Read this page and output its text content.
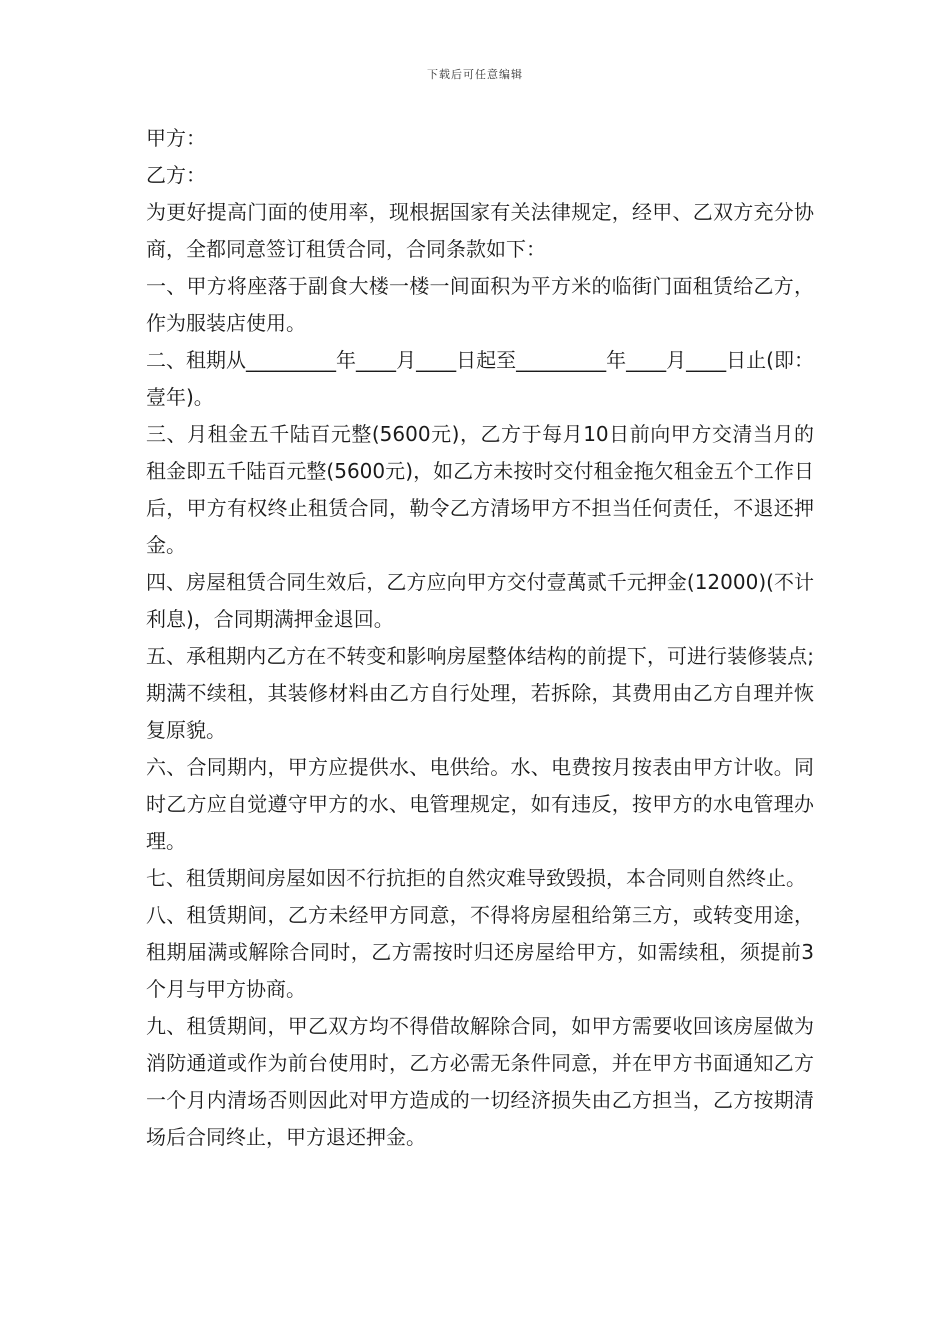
下载后可任意编辑

甲方：

乙方：

为更好提高门面的使用率，现根据国家有关法律规定，经甲、乙双方充分协商，全都同意签订租赁合同，合同条款如下：

一、甲方将座落于副食大楼一楼一间面积为平方米的临街门面租赁给乙方，作为服装店使用。

二、租期从_________年____月____日起至_________年____月____日止(即：壹年)。

三、月租金五千陆百元整(5600元)，乙方于每月10日前向甲方交清当月的租金即五千陆百元整(5600元)，如乙方未按时交付租金拖欠租金五个工作日后，甲方有权终止租赁合同，勒令乙方清场甲方不担当任何责任，不退还押金。

四、房屋租赁合同生效后，乙方应向甲方交付壹萬贰千元押金(12000)(不计利息)，合同期满押金退回。

五、承租期内乙方在不转变和影响房屋整体结构的前提下，可进行装修装点;期满不续租，其装修材料由乙方自行处理，若拆除，其费用由乙方自理并恢复原貌。

六、合同期内，甲方应提供水、电供给。水、电费按月按表由甲方计收。同时乙方应自觉遵守甲方的水、电管理规定，如有违反，按甲方的水电管理办理。

七、租赁期间房屋如因不行抗拒的自然灾难导致毁损，本合同则自然终止。

八、租赁期间，乙方未经甲方同意，不得将房屋租给第三方，或转变用途，租期届满或解除合同时，乙方需按时归还房屋给甲方，如需续租，须提前3个月与甲方协商。

九、租赁期间，甲乙双方均不得借故解除合同，如甲方需要收回该房屋做为消防通道或作为前台使用时，乙方必需无条件同意，并在甲方书面通知乙方一个月内清场否则因此对甲方造成的一切经济损失由乙方担当，乙方按期清场后合同终止，甲方退还押金。
